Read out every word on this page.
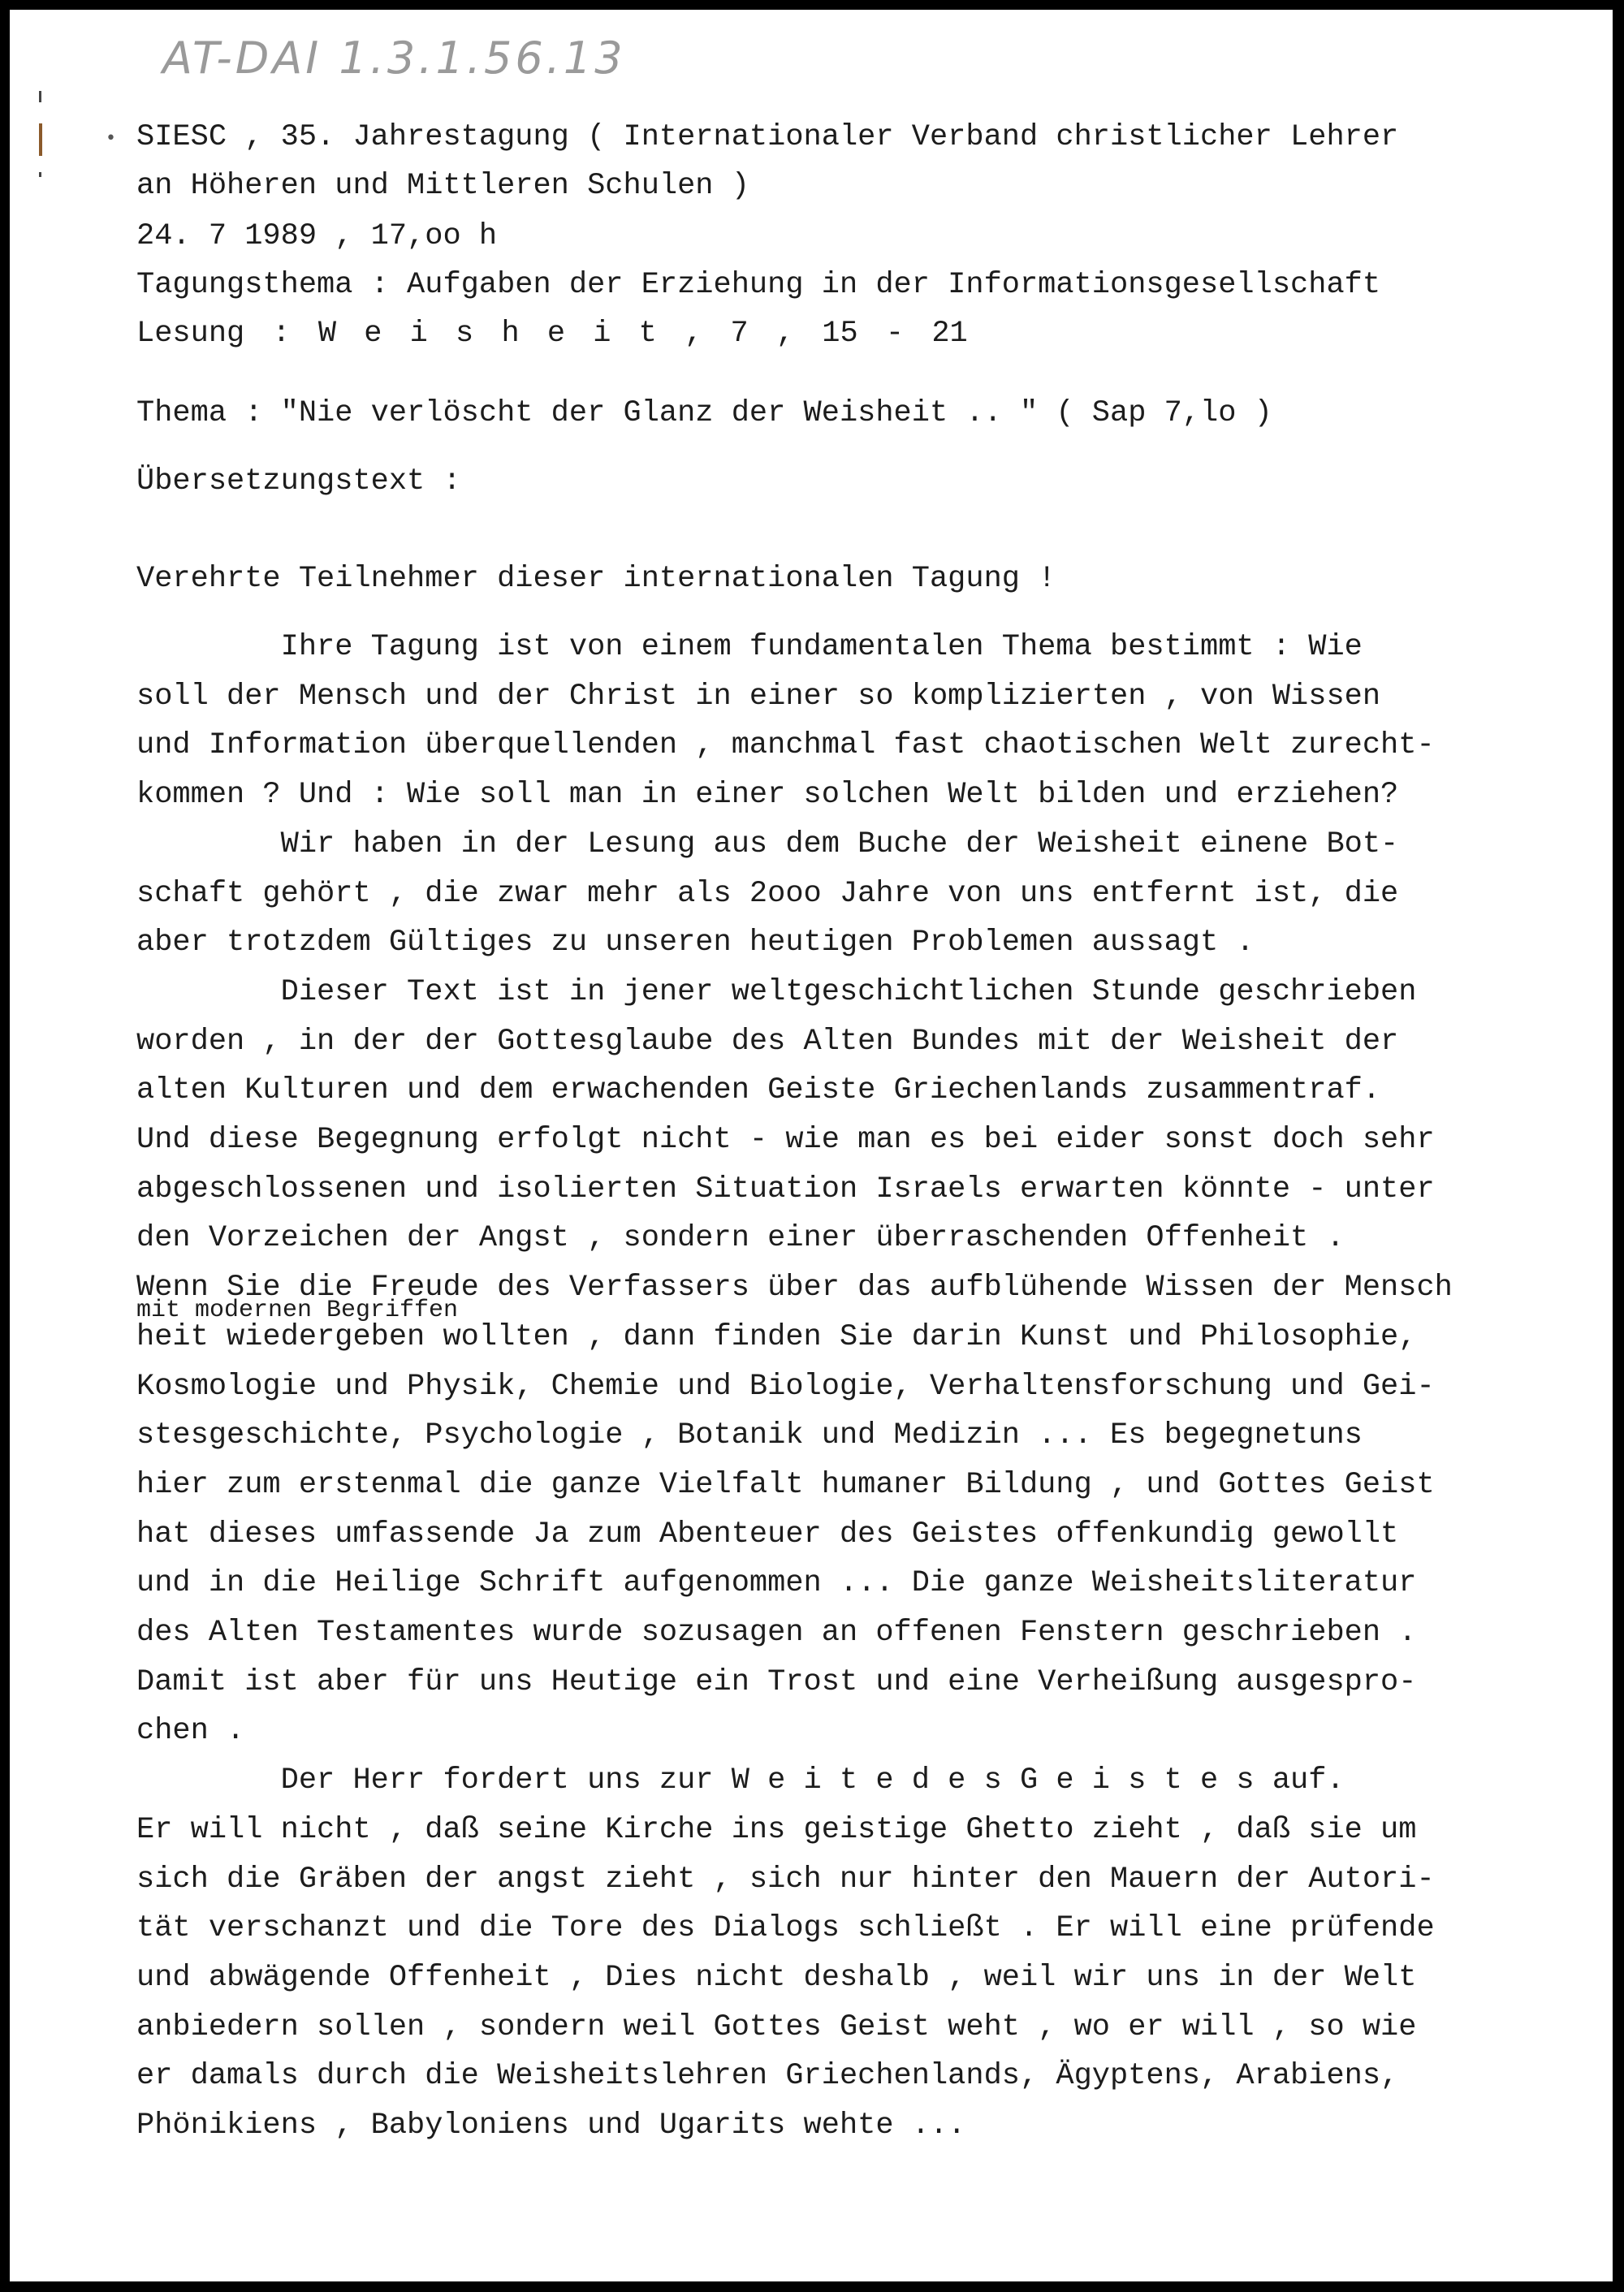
AT-DAI 1.3.1.56.13
• SIESC , 35. Jahrestagung ( Internationaler Verband christlicher Lehrer
an Höheren und Mittleren Schulen )
24. 7 1989 , 17,oo h
Tagungsthema : Aufgaben der Erziehung in der Informationsgesellschaft
Lesung : W e i s h e i t , 7 , 15 - 21
Thema : "Nie verlöscht der Glanz der Weisheit .. " ( Sap 7,lo )
Übersetzungstext :
Verehrte Teilnehmer dieser internationalen Tagung !
Ihre Tagung ist von einem fundamentalen Thema bestimmt : Wie
soll der Mensch und der Christ in einer so komplizierten , von Wissen
und Information überquellenden , manchmal fast chaotischen Welt zurecht-
kommen ? Und : Wie soll man in einer solchen Welt bilden und erziehen?
Wir haben in der Lesung aus dem Buche der Weisheit einene Bot-
schaft gehört , die zwar mehr als 2ooo Jahre von uns entfernt ist, die
aber trotzdem Gültiges zu unseren heutigen Problemen aussagt .
Dieser Text ist in jener weltgeschichtlichen Stunde geschrieben
worden , in der der Gottesglaube des Alten Bundes mit der Weisheit der
alten Kulturen und dem erwachenden Geiste Griechenlands zusammentraf.
Und diese Begegnung erfolgt nicht - wie man es bei eider sonst doch sehr
abgeschlossenen und isolierten Situation Israels erwarten könnte - unter
den Vorzeichen der Angst , sondern einer überraschenden Offenheit .
Wenn Sie die Freude des Verfassers über das aufblühende Wissen der Mensch
heit wiedergeben wollten , dann finden Sie darin Kunst und Philosophie,
Kosmologie und Physik, Chemie und Biologie, Verhaltensforschung und Gei-
stesgeschichte, Psychologie , Botanik und Medizin ... Es begegnetuns
hier zum erstenmal die ganze Vielfalt humaner Bildung , und Gottes Geist
hat dieses umfassende Ja zum Abenteuer des Geistes offenkundig gewollt
und in die Heilige Schrift aufgenommen ... Die ganze Weisheitsliteratur
des Alten Testamentes wurde sozusagen an offenen Fenstern geschrieben .
Damit ist aber für uns Heutige ein Trost und eine Verheißung ausgespro-
chen .
Der Herr fordert uns zur W e i t e d e s G e i s t e s auf.
Er will nicht , daß seine Kirche ins geistige Ghetto zieht , daß sie um
sich die Gräben der angst zieht , sich nur hinter den Mauern der Autori-
tät verschanzt und die Tore des Dialogs schließt . Er will eine prüfende
und abwägende Offenheit , Dies nicht deshalb , weil wir uns in der Welt
anbiedern sollen , sondern weil Gottes Geist weht , wo er will , so wie
er damals durch die Weisheitslehren Griechenlands, Ägyptens, Arabiens,
Phönikiens , Babyloniens und Ugarits wehte ...
mit modernen Begriffen
